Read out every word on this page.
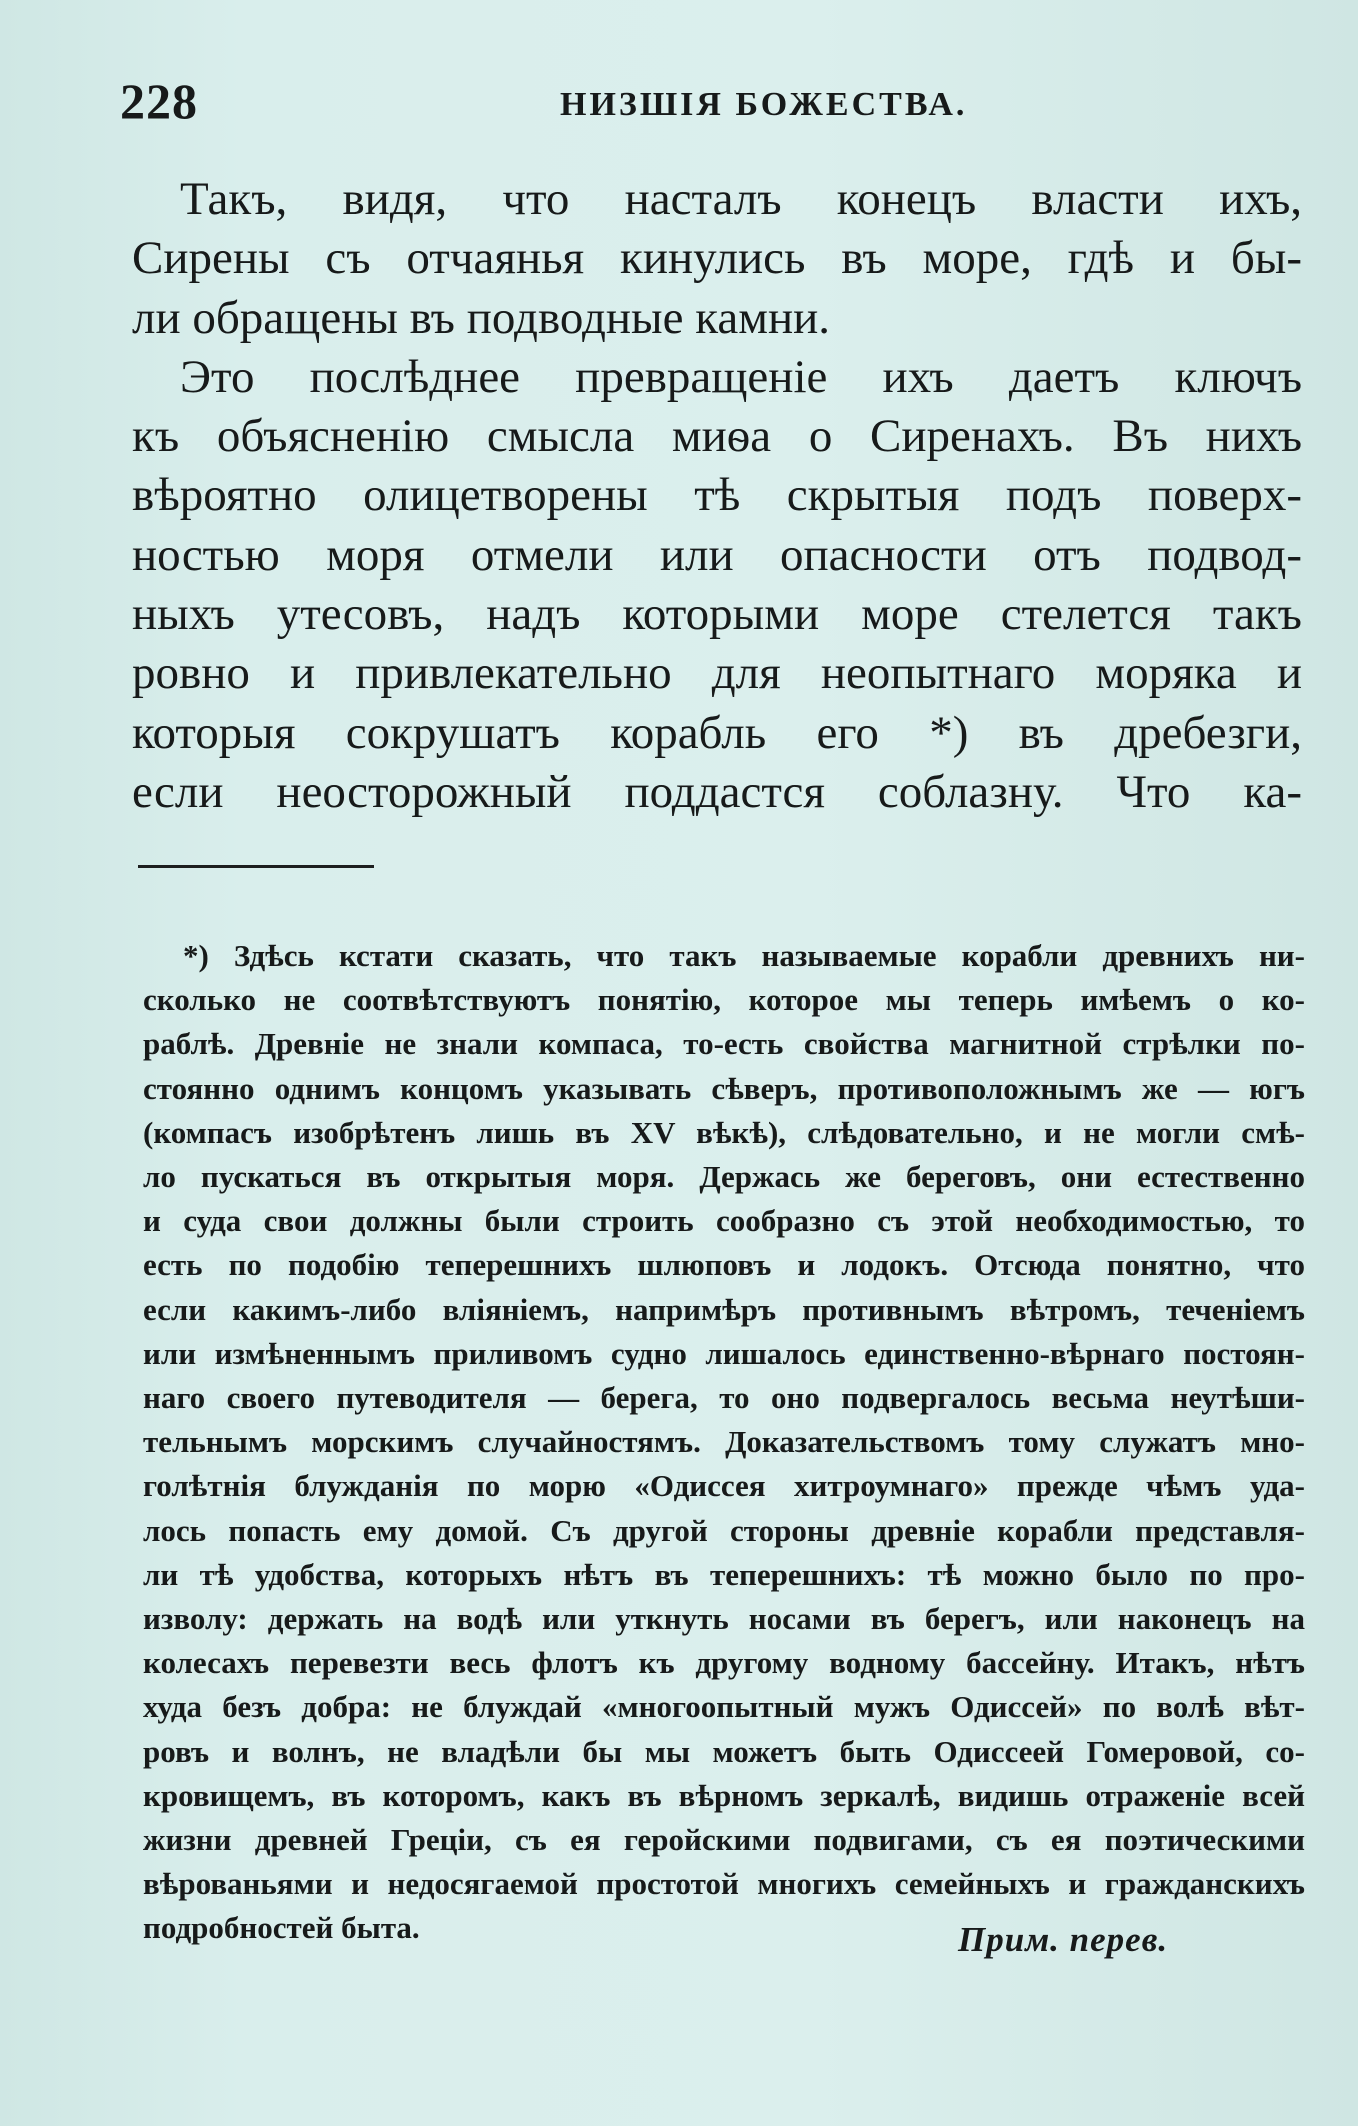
228	НИЗШІЯ БОЖЕСТВА.
Такъ, видя, что насталъ конецъ власти ихъ,
Сирены съ отчаянья кинулись въ море, гдѣ и бы-
ли обращены въ подводные камни.
Это послѣднее превращеніе ихъ даетъ ключъ
къ объясненію смысла миѳа о Сиренахъ. Въ нихъ
вѣроятно олицетворены тѣ скрытыя подъ поверх-
ностью моря отмели или опасности отъ подвод-
ныхъ утесовъ, надъ которыми море стелется такъ
ровно и привлекательно для неопытнаго моряка и
которыя сокрушатъ корабль его *) въ дребезги,
если неосторожный поддастся соблазну. Что ка-
*) Здѣсь кстати сказать, что такъ называемые корабли древнихъ ни-
сколько не соотвѣтствуютъ понятію, которое мы теперь имѣемъ о ко-
раблѣ. Древніе не знали компаса, то-есть свойства магнитной стрѣлки по-
стоянно однимъ концомъ указывать сѣверъ, противоположнымъ же — югъ
(компасъ изобрѣтенъ лишь въ XV вѣкѣ), слѣдовательно, и не могли смѣ-
ло пускаться въ открытыя моря. Держась же береговъ, они естественно
и суда свои должны были строить сообразно съ этой необходимостью, то
есть по подобію теперешнихъ шлюповъ и лодокъ. Отсюда понятно, что
если какимъ-либо вліяніемъ, напримѣръ противнымъ вѣтромъ, теченіемъ
или измѣненнымъ приливомъ судно лишалось единственно-вѣрнаго постоян-
наго своего путеводителя — берега, то оно подвергалось весьма неутѣши-
тельнымъ морскимъ случайностямъ. Доказательствомъ тому служатъ мно-
голѣтнія блужданія по морю «Одиссея хитроумнаго» прежде чѣмъ уда-
лось попасть ему домой. Съ другой стороны древніе корабли представля-
ли тѣ удобства, которыхъ нѣтъ въ теперешнихъ: тѣ можно было по про-
изволу: держать на водѣ или уткнуть носами въ берегъ, или наконецъ на
колесахъ перевезти весь флотъ къ другому водному бассейну. Итакъ, нѣтъ
худа безъ добра: не блуждай «многоопытный мужъ Одиссей» по волѣ вѣт-
ровъ и волнъ, не владѣли бы мы можетъ быть Одиссеей Гомеровой, со-
кровищемъ, въ которомъ, какъ въ вѣрномъ зеркалѣ, видишь отраженіе всей
жизни древней Греціи, съ ея геройскими подвигами, съ ея поэтическими
вѣрованьями и недосягаемой простотой многихъ семейныхъ и гражданскихъ
подробностей быта.	Прим. перев.
